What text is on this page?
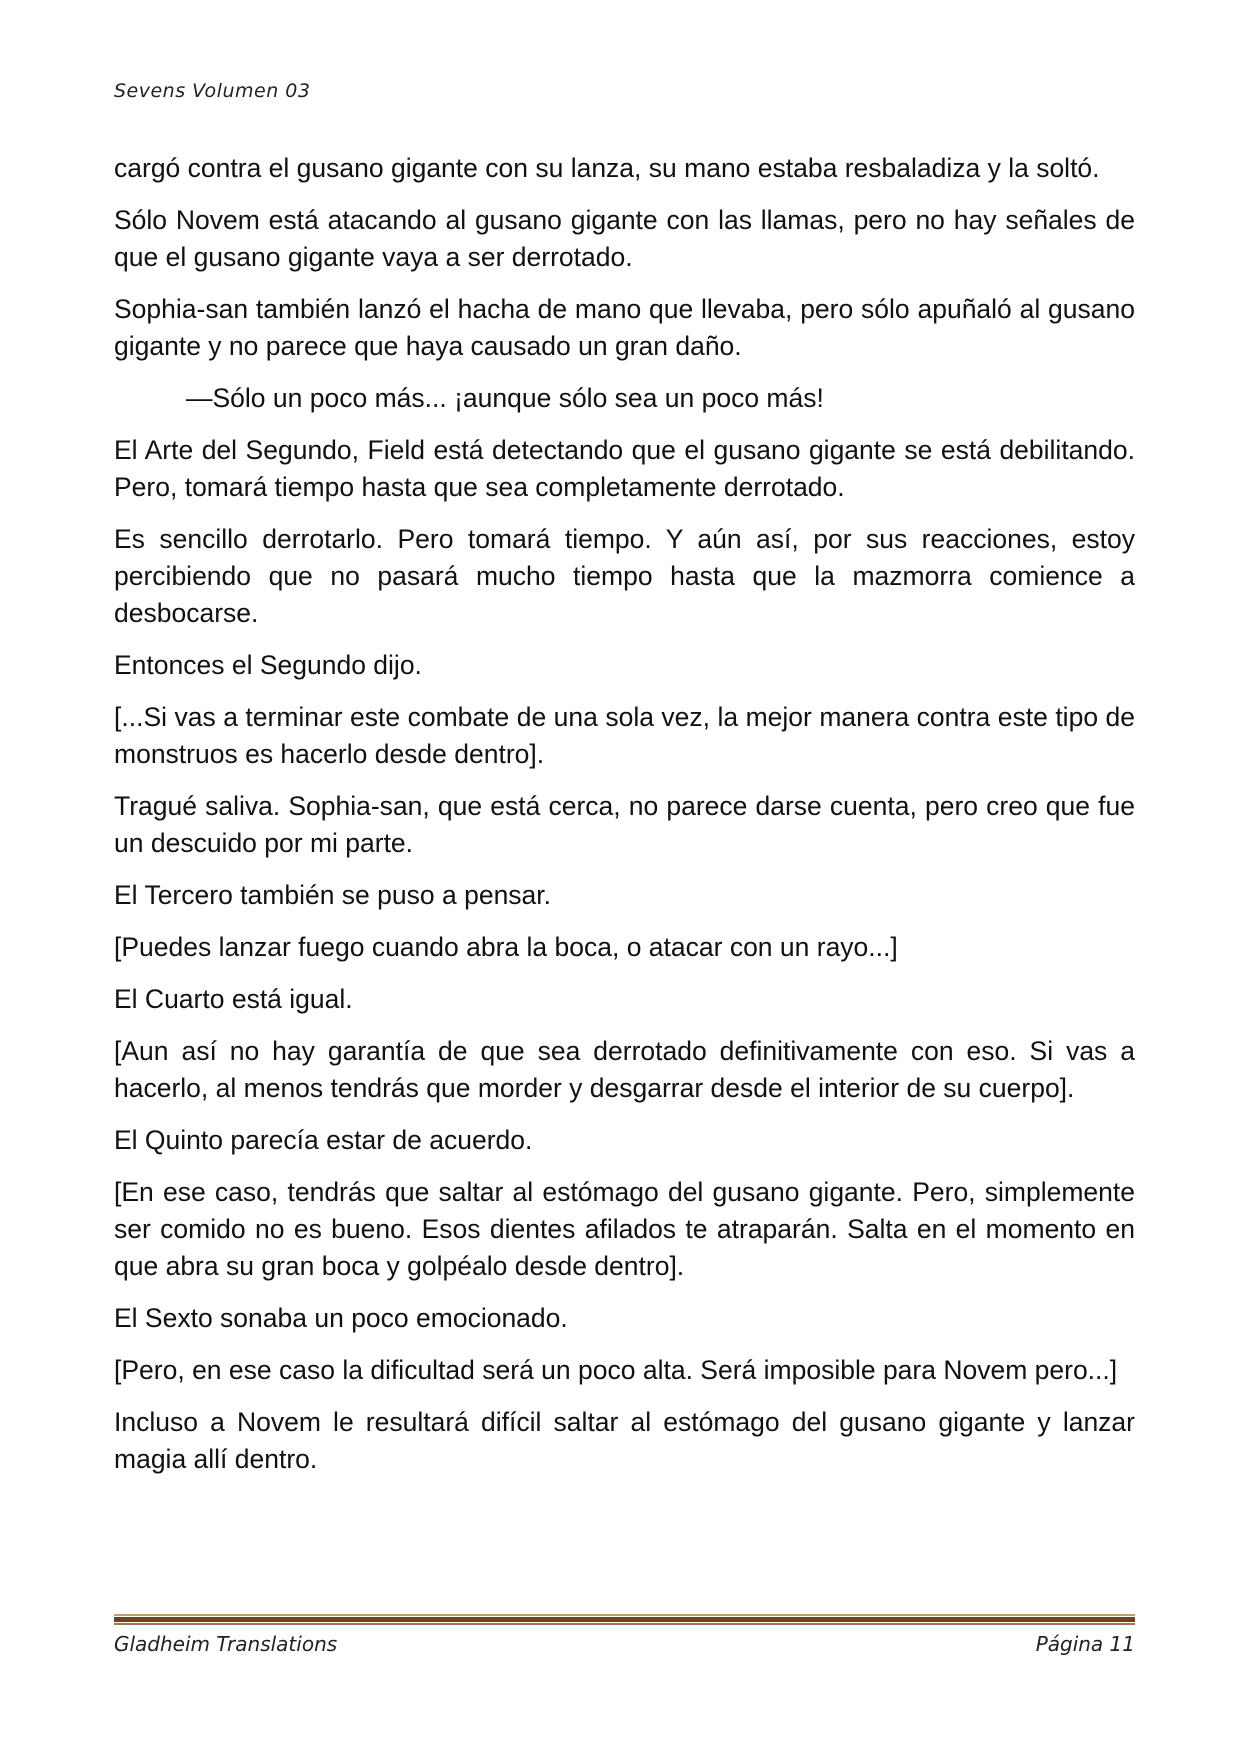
Sevens Volumen 03

cargó contra el gusano gigante con su lanza, su mano estaba resbaladiza y la soltó.

Sólo Novem está atacando al gusano gigante con las llamas, pero no hay señales de que el gusano gigante vaya a ser derrotado.

Sophia-san también lanzó el hacha de mano que llevaba, pero sólo apuñaló al gusano gigante y no parece que haya causado un gran daño.

—Sólo un poco más... ¡aunque sólo sea un poco más!

El Arte del Segundo, Field está detectando que el gusano gigante se está debilitando. Pero, tomará tiempo hasta que sea completamente derrotado.

Es sencillo derrotarlo. Pero tomará tiempo. Y aún así, por sus reacciones, estoy percibiendo que no pasará mucho tiempo hasta que la mazmorra comience a desbocarse.

Entonces el Segundo dijo.

[...Si vas a terminar este combate de una sola vez, la mejor manera contra este tipo de monstruos es hacerlo desde dentro].

Tragué saliva. Sophia-san, que está cerca, no parece darse cuenta, pero creo que fue un descuido por mi parte.

El Tercero también se puso a pensar.

[Puedes lanzar fuego cuando abra la boca, o atacar con un rayo...]

El Cuarto está igual.

[Aun así no hay garantía de que sea derrotado definitivamente con eso. Si vas a hacerlo, al menos tendrás que morder y desgarrar desde el interior de su cuerpo].

El Quinto parecía estar de acuerdo.

[En ese caso, tendrás que saltar al estómago del gusano gigante. Pero, simplemente ser comido no es bueno. Esos dientes afilados te atraparán. Salta en el momento en que abra su gran boca y golpéalo desde dentro].

El Sexto sonaba un poco emocionado.

[Pero, en ese caso la dificultad será un poco alta. Será imposible para Novem pero...]

Incluso a Novem le resultará difícil saltar al estómago del gusano gigante y lanzar magia allí dentro.

Gladheim Translations	Página 11
